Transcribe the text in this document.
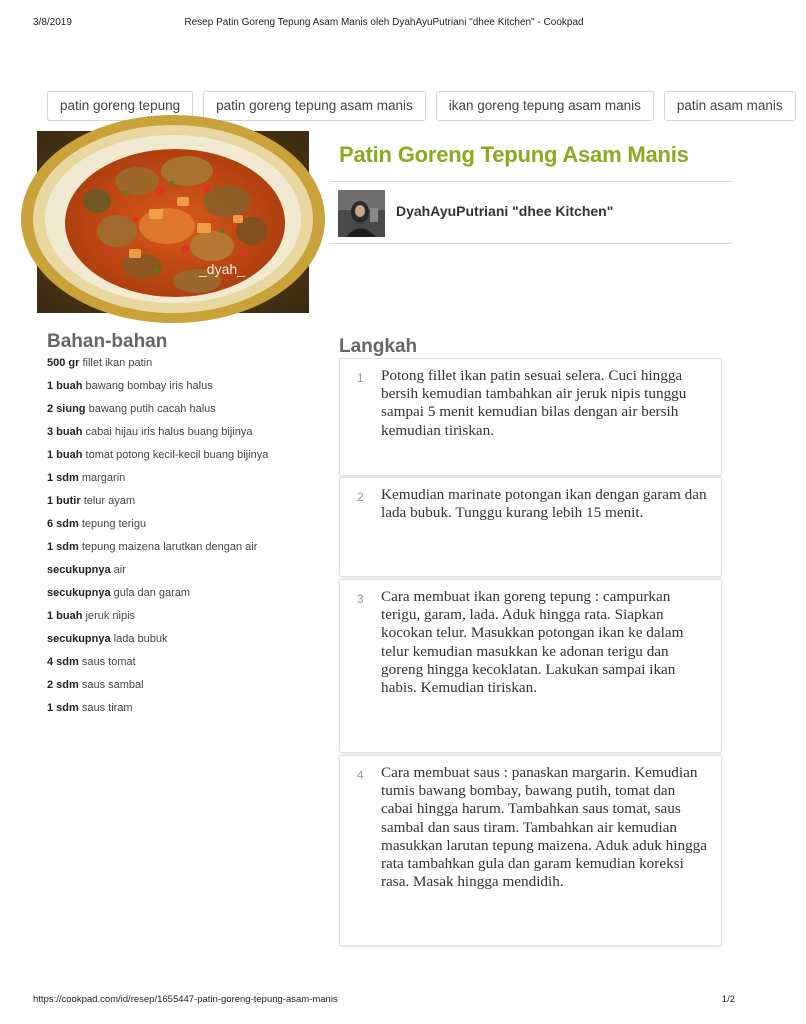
3/8/2019	Resep Patin Goreng Tepung Asam Manis oleh DyahAyuPutriani "dhee Kitchen" - Cookpad
patin goreng tepung	patin goreng tepung asam manis	ikan goreng tepung asam manis	patin asam manis
_dyah_
Patin Goreng Tepung Asam Manis
DyahAyuPutriani "dhee Kitchen"
Bahan-bahan
500 gr fillet ikan patin
1 buah bawang bombay iris halus
2 siung bawang putih cacah halus
3 buah cabai hijau iris halus buang bijinya
1 buah tomat potong kecil-kecil buang bijinya
1 sdm margarin
1 butir telur ayam
6 sdm tepung terigu
1 sdm tepung maizena larutkan dengan air
secukupnya air
secukupnya gula dan garam
1 buah jeruk nipis
secukupnya lada bubuk
4 sdm saus tomat
2 sdm saus sambal
1 sdm saus tiram
Langkah
1 Potong fillet ikan patin sesuai selera. Cuci hingga bersih kemudian tambahkan air jeruk nipis tunggu sampai 5 menit kemudian bilas dengan air bersih kemudian tiriskan.
2 Kemudian marinate potongan ikan dengan garam dan lada bubuk. Tunggu kurang lebih 15 menit.
3 Cara membuat ikan goreng tepung : campurkan terigu, garam, lada. Aduk hingga rata. Siapkan kocokan telur. Masukkan potongan ikan ke dalam telur kemudian masukkan ke adonan terigu dan goreng hingga kecoklatan. Lakukan sampai ikan habis. Kemudian tiriskan.
4 Cara membuat saus : panaskan margarin. Kemudian tumis bawang bombay, bawang putih, tomat dan cabai hingga harum. Tambahkan saus tomat, saus sambal dan saus tiram. Tambahkan air kemudian masukkan larutan tepung maizena. Aduk aduk hingga rata tambahkan gula dan garam kemudian koreksi rasa. Masak hingga mendidih.
https://cookpad.com/id/resep/1655447-patin-goreng-tepung-asam-manis	1/2
